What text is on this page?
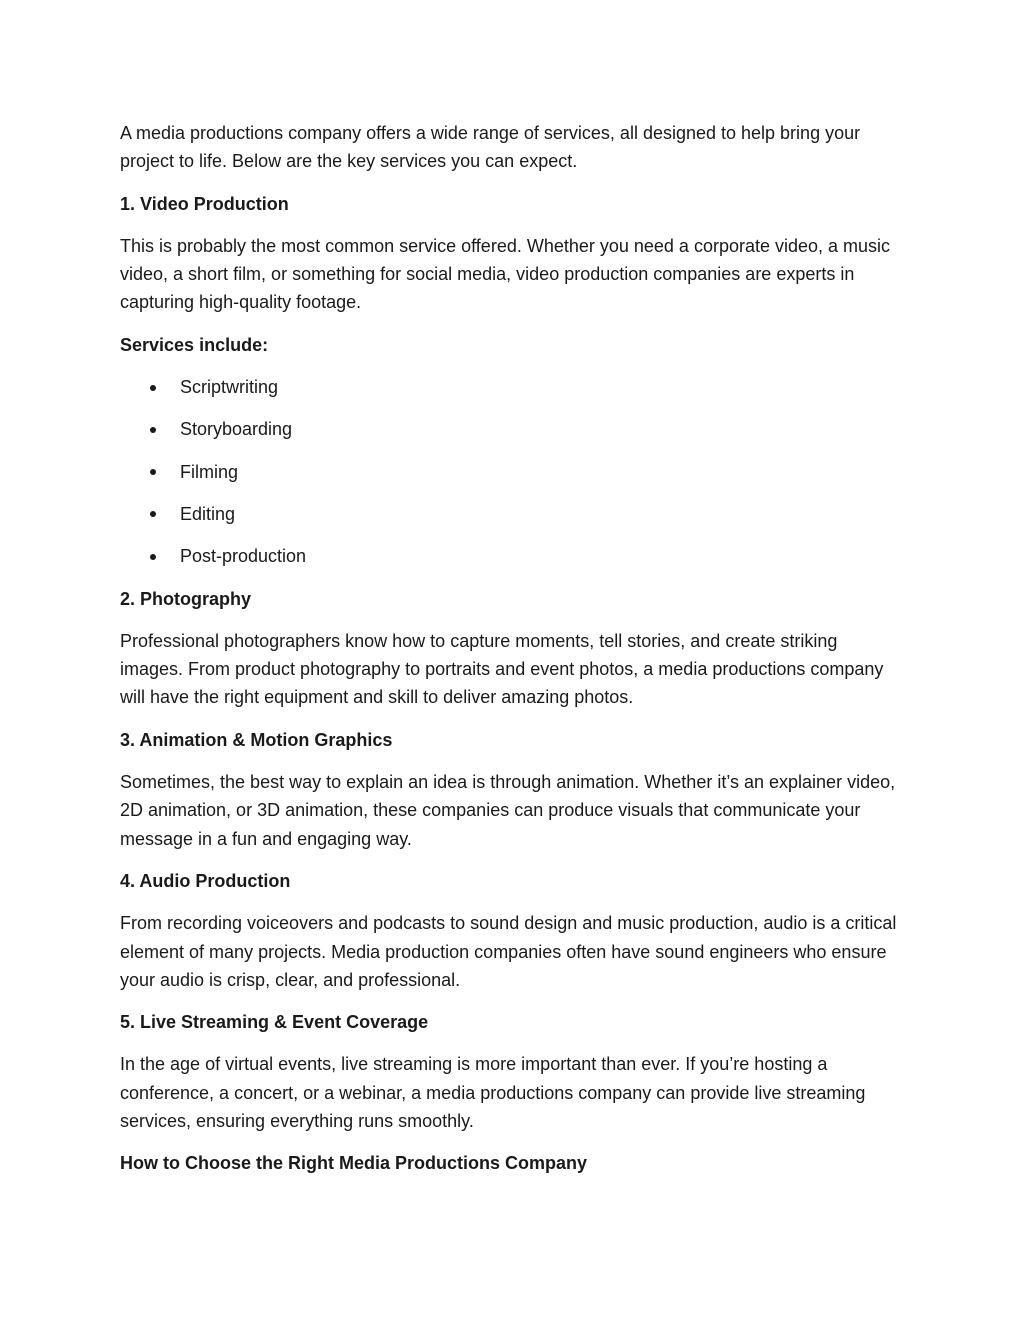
A media productions company offers a wide range of services, all designed to help bring your project to life. Below are the key services you can expect.

1. Video Production

This is probably the most common service offered. Whether you need a corporate video, a music video, a short film, or something for social media, video production companies are experts in capturing high-quality footage.

Services include:

Scriptwriting
Storyboarding
Filming
Editing
Post-production

2. Photography

Professional photographers know how to capture moments, tell stories, and create striking images. From product photography to portraits and event photos, a media productions company will have the right equipment and skill to deliver amazing photos.

3. Animation & Motion Graphics

Sometimes, the best way to explain an idea is through animation. Whether it’s an explainer video, 2D animation, or 3D animation, these companies can produce visuals that communicate your message in a fun and engaging way.

4. Audio Production

From recording voiceovers and podcasts to sound design and music production, audio is a critical element of many projects. Media production companies often have sound engineers who ensure your audio is crisp, clear, and professional.

5. Live Streaming & Event Coverage

In the age of virtual events, live streaming is more important than ever. If you’re hosting a conference, a concert, or a webinar, a media productions company can provide live streaming services, ensuring everything runs smoothly.

How to Choose the Right Media Productions Company
